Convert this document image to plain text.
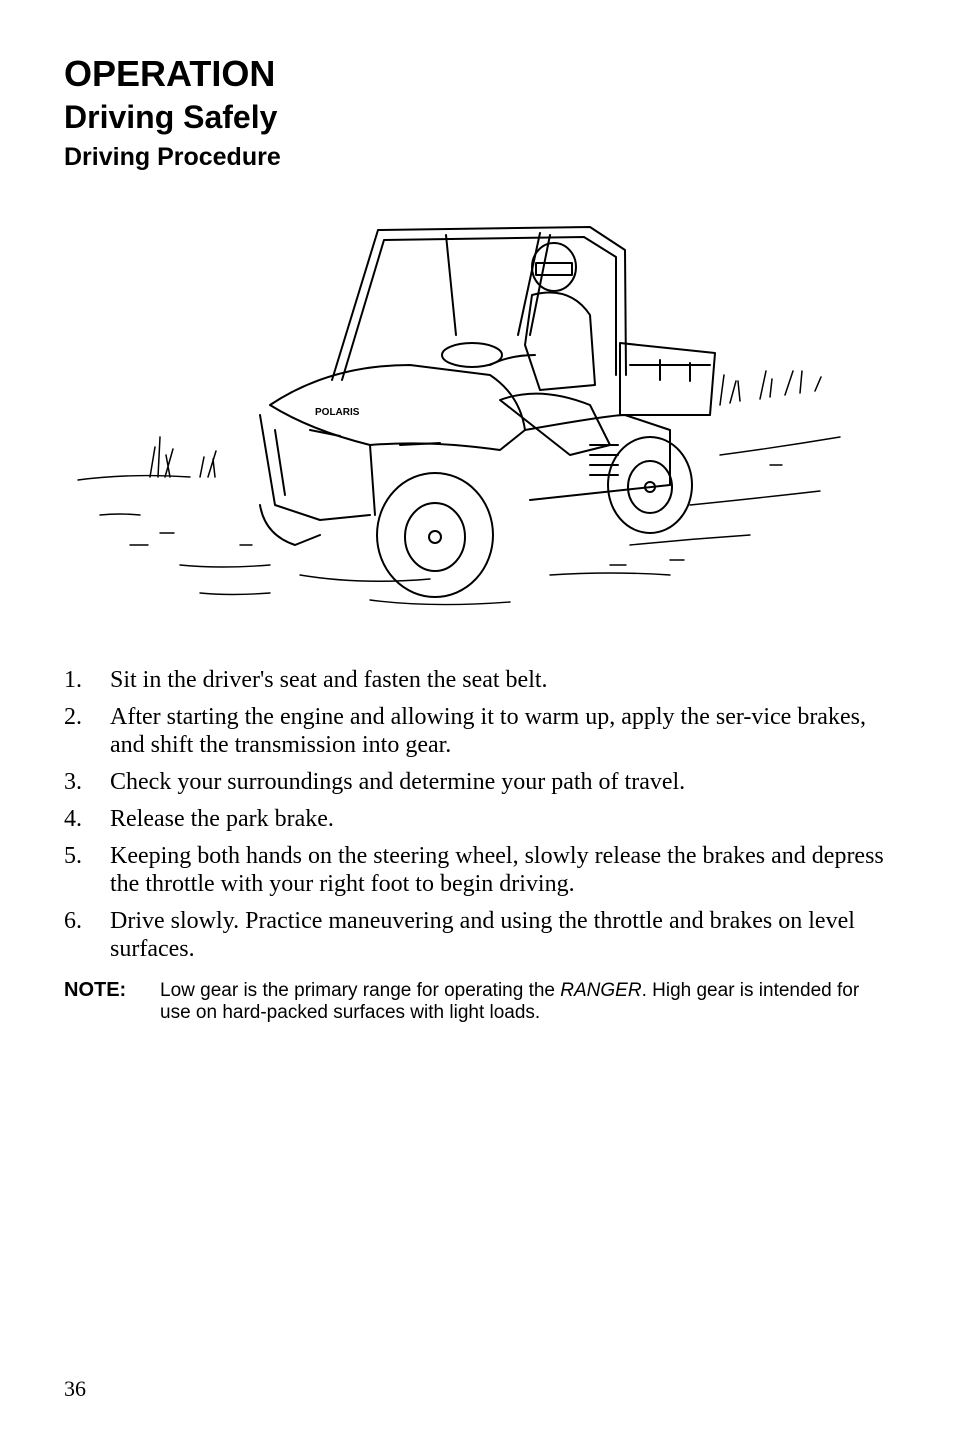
OPERATION
Driving Safely
Driving Procedure
POLARIS
1. Sit in the driver's seat and fasten the seat belt.
2. After starting the engine and allowing it to warm up, apply the ser-vice brakes, and shift the transmission into gear.
3. Check your surroundings and determine your path of travel.
4. Release the park brake.
5. Keeping both hands on the steering wheel, slowly release the brakes and depress the throttle with your right foot to begin driving.
6. Drive slowly. Practice maneuvering and using the throttle and brakes on level surfaces.
NOTE:	Low gear is the primary range for operating the RANGER. High gear is intended for use on hard-packed surfaces with light loads.
36
